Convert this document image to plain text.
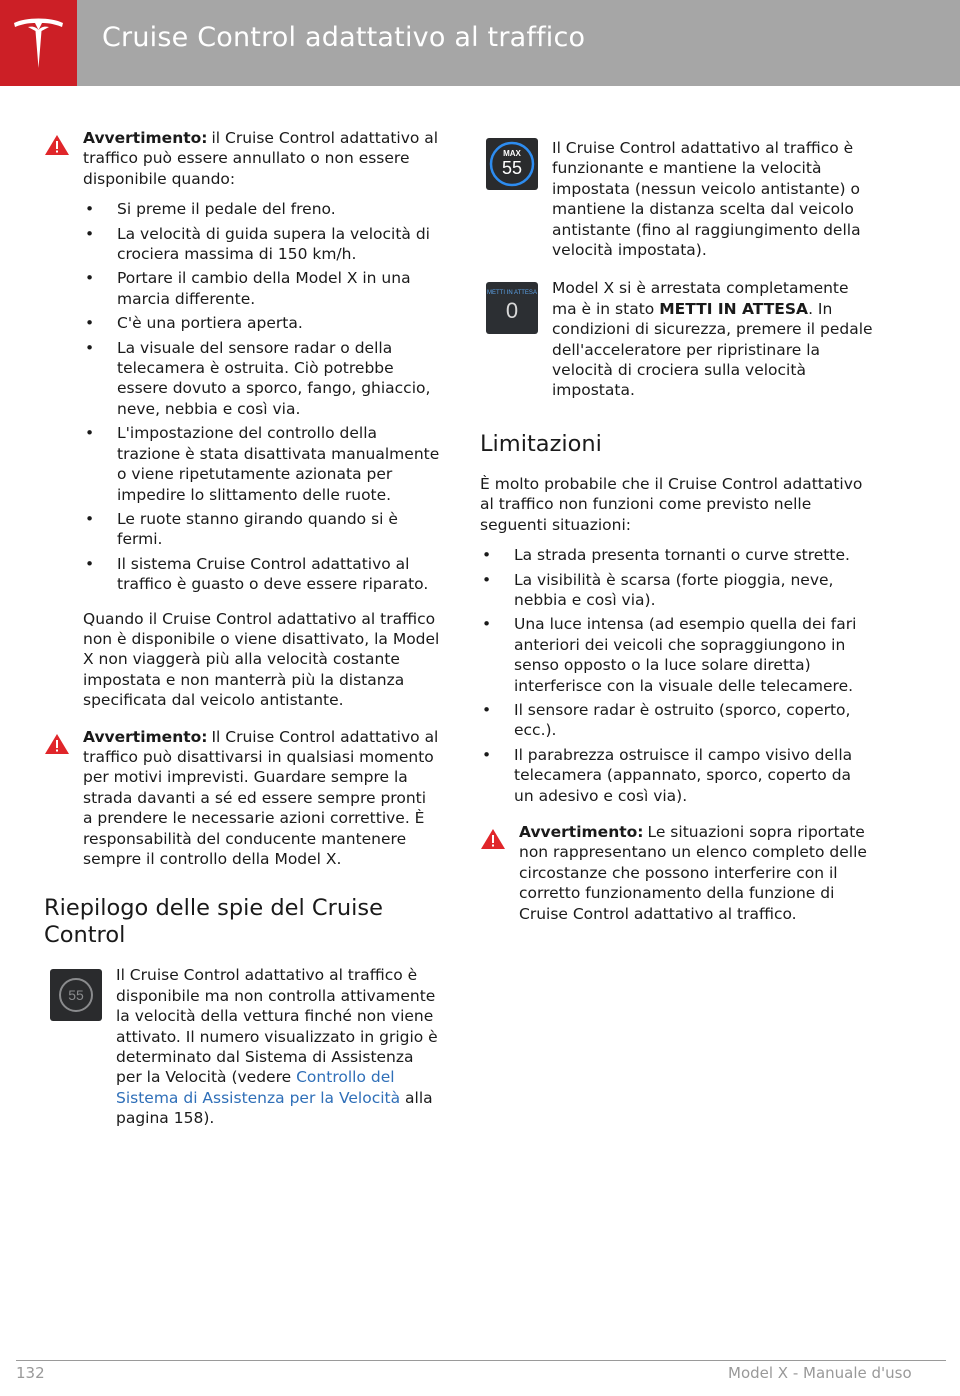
Cruise Control adattativo al traffico
Avvertimento: il Cruise Control adattativo al traffico può essere annullato o non essere disponibile quando:
• Si preme il pedale del freno.
• La velocità di guida supera la velocità di crociera massima di 150 km/h.
• Portare il cambio della Model X in una marcia differente.
• C'è una portiera aperta.
• La visuale del sensore radar o della telecamera è ostruita. Ciò potrebbe essere dovuto a sporco, fango, ghiaccio, neve, nebbia e così via.
• L'impostazione del controllo della trazione è stata disattivata manualmente o viene ripetutamente azionata per impedire lo slittamento delle ruote.
• Le ruote stanno girando quando si è fermi.
• Il sistema Cruise Control adattativo al traffico è guasto o deve essere riparato.

Quando il Cruise Control adattativo al traffico non è disponibile o viene disattivato, la Model X non viaggerà più alla velocità costante impostata e non manterrà più la distanza specificata dal veicolo antistante.

Avvertimento: Il Cruise Control adattativo al traffico può disattivarsi in qualsiasi momento per motivi imprevisti. Guardare sempre la strada davanti a sé ed essere sempre pronti a prendere le necessarie azioni correttive. È responsabilità del conducente mantenere sempre il controllo della Model X.
Riepilogo delle spie del Cruise Control
55
Il Cruise Control adattativo al traffico è disponibile ma non controlla attivamente la velocità della vettura finché non viene attivato. Il numero visualizzato in grigio è determinato dal Sistema di Assistenza per la Velocità (vedere Controllo del Sistema di Assistenza per la Velocità alla pagina 158).
MAX
55
Il Cruise Control adattativo al traffico è funzionante e mantiene la velocità impostata (nessun veicolo antistante) o mantiene la distanza scelta dal veicolo antistante (fino al raggiungimento della velocità impostata).
METTI IN ATTESA
0
Model X si è arrestata completamente ma è in stato METTI IN ATTESA. In condizioni di sicurezza, premere il pedale dell'acceleratore per ripristinare la velocità di crociera sulla velocità impostata.
Limitazioni

È molto probabile che il Cruise Control adattativo al traffico non funzioni come previsto nelle seguenti situazioni:

• La strada presenta tornanti o curve strette.
• La visibilità è scarsa (forte pioggia, neve, nebbia e così via).
• Una luce intensa (ad esempio quella dei fari anteriori dei veicoli che sopraggiungono in senso opposto o la luce solare diretta) interferisce con la visuale delle telecamere.
• Il sensore radar è ostruito (sporco, coperto, ecc.).
• Il parabrezza ostruisce il campo visivo della telecamera (appannato, sporco, coperto da un adesivo e così via).
Avvertimento: Le situazioni sopra riportate non rappresentano un elenco completo delle circostanze che possono interferire con il corretto funzionamento della funzione di Cruise Control adattativo al traffico.
132	Model X - Manuale d'uso
